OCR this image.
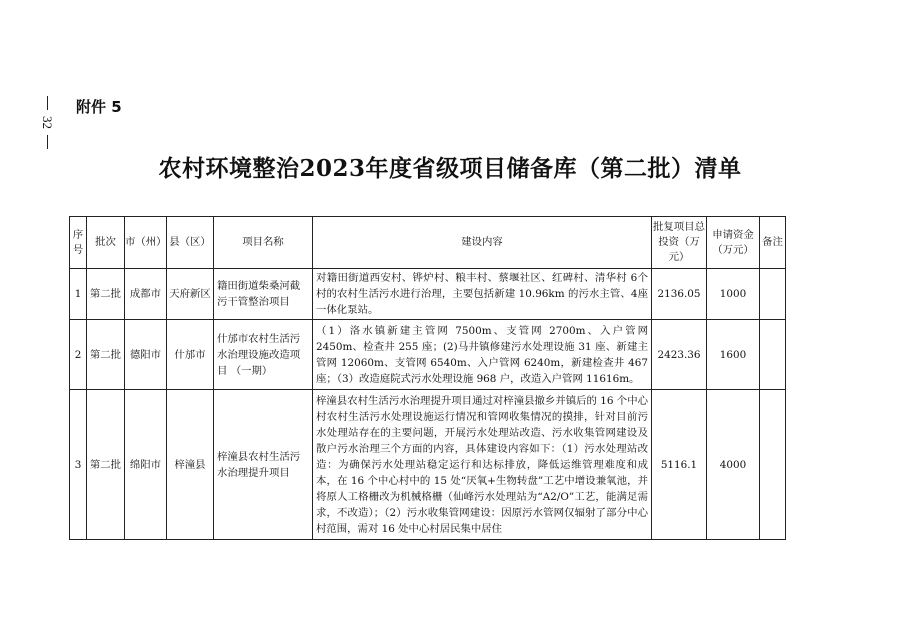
32
附件 5
农村环境整治2023年度省级项目储备库（第二批）清单
序号	批次	市（州）	县（区）	项目名称	建设内容	批复项目总投资（万元）	申请资金（万元）	备注
1	第二批	成都市	天府新区	籍田街道柴桑河截污干管整治项目	对籍田街道西安村、铧炉村、粮丰村、蔡堰社区、红碑村、清华村 6个村的农村生活污水进行治理，主要包括新建 10.96km 的污水主管、4座一体化泵站。	2136.05	1000	
2	第二批	德阳市	什邡市	什邡市农村生活污水治理设施改造项目 （一期）	（1）洛水镇新建主管网 7500m、支管网 2700m、入户管网 2450m、检查井 255 座；(2)马井镇修建污水处理设施 31 座、新建主管网 12060m、支管网 6540m、入户管网 6240m，新建检查井 467 座；（3）改造庭院式污水处理设施 968 户，改造入户管网 11616m。	2423.36	1600	
3	第二批	绵阳市	梓潼县	梓潼县农村生活污水治理提升项目	梓潼县农村生活污水治理提升项目通过对梓潼县撤乡并镇后的 16 个中心村农村生活污水处理设施运行情况和管网收集情况的摸排，针对目前污水处理站存在的主要问题，开展污水处理站改造、污水收集管网建设及散户污水治理三个方面的内容，具体建设内容如下：（1）污水处理站改造：为确保污水处理站稳定运行和达标排放，降低运维管理难度和成本，在 16 个中心村中的 15 处“厌氧+生物转盘”工艺中增设兼氧池，并将原人工格栅改为机械格栅（仙峰污水处理站为“A2/O”工艺，能满足需求，不改造）；（2）污水收集管网建设：因原污水管网仅辐射了部分中心村范围，需对 16 处中心村居民集中居住	5116.1	4000	
